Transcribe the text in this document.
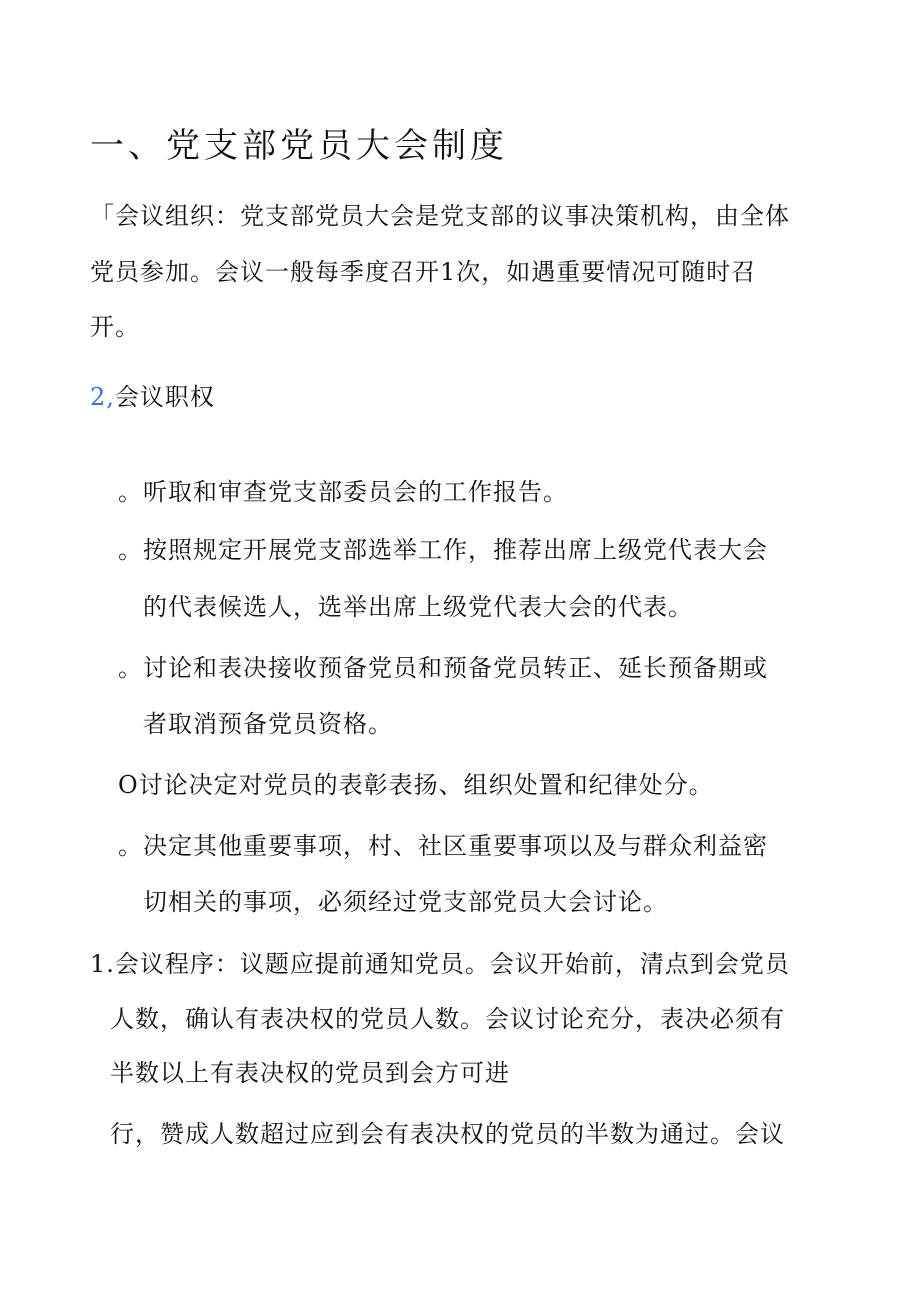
一、党支部党员大会制度
「会议组织：党支部党员大会是党支部的议事决策机构，由全体
党员参加。会议一般每季度召开1次，如遇重要情况可随时召
开。
2,会议职权
。听取和审查党支部委员会的工作报告。
。按照规定开展党支部选举工作，推荐出席上级党代表大会
的代表候选人，选举出席上级党代表大会的代表。
。讨论和表决接收预备党员和预备党员转正、延长预备期或
者取消预备党员资格。
O讨论决定对党员的表彰表扬、组织处置和纪律处分。
。决定其他重要事项，村、社区重要事项以及与群众利益密
切相关的事项，必须经过党支部党员大会讨论。
1.会议程序：议题应提前通知党员。会议开始前，清点到会党员
人数，确认有表决权的党员人数。会议讨论充分，表决必须有
半数以上有表决权的党员到会方可进
行，赞成人数超过应到会有表决权的党员的半数为通过。会议
